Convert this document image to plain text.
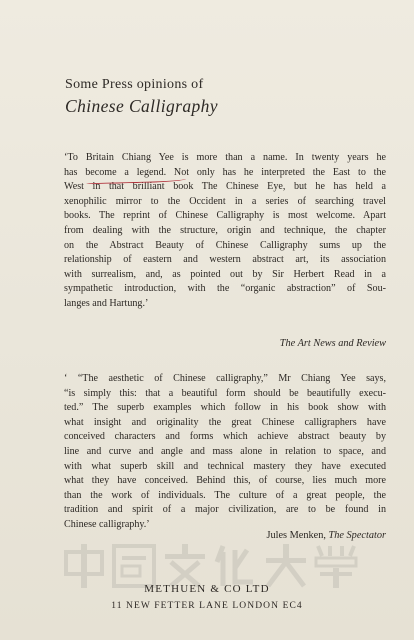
Some Press opinions of
Chinese Calligraphy
‘To Britain Chiang Yee is more than a name. In twenty years he
has become a legend. Not only has he interpreted the East to the
West in that brilliant book The Chinese Eye, but he has held a
xenophilic mirror to the Occident in a series of searching travel
books. The reprint of Chinese Calligraphy is most welcome. Apart
from dealing with the structure, origin and technique, the chapter
on the Abstract Beauty of Chinese Calligraphy sums up the
relationship of eastern and western abstract art, its association
with surrealism, and, as pointed out by Sir Herbert Read in a
sympathetic introduction, with the “organic abstraction” of Sou-
langes and Hartung.’
The Art News and Review
‘ “The aesthetic of Chinese calligraphy,” Mr Chiang Yee says,
“is simply this: that a beautiful form should be beautifully execu-
ted.” The superb examples which follow in his book show with
what insight and originality the great Chinese calligraphers have
conceived characters and forms which achieve abstract beauty by
line and curve and angle and mass alone in relation to space, and
with what superb skill and technical mastery they have executed
what they have conceived. Behind this, of course, lies much more
than the work of individuals. The culture of a great people, the
tradition and spirit of a major civilization, are to be found in
Chinese calligraphy.’
Jules Menken, The Spectator
METHUEN & CO LTD
11 NEW FETTER LANE LONDON EC4
